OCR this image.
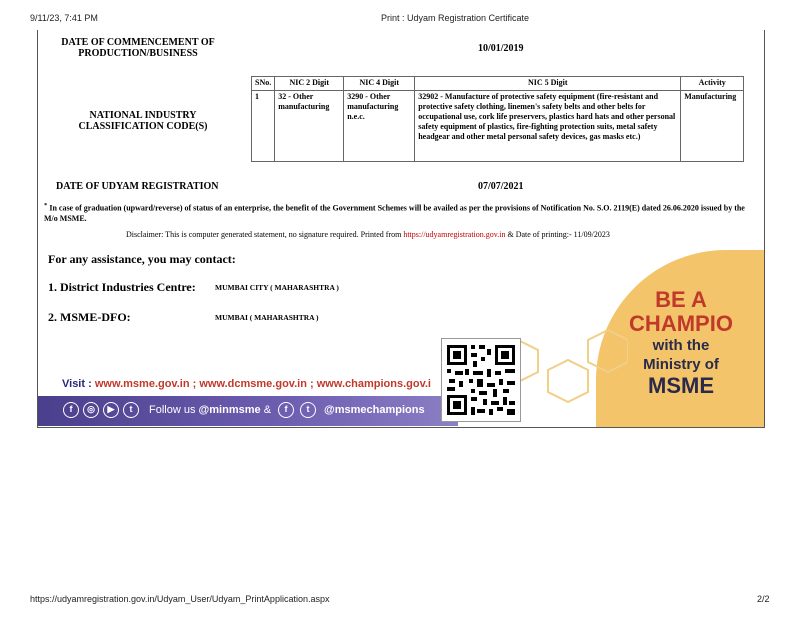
9/11/23, 7:41 PM	Print : Udyam Registration Certificate
DATE OF COMMENCEMENT OF
PRODUCTION/BUSINESS	10/01/2019
NATIONAL INDUSTRY
CLASSIFICATION CODE(S)
SNo.	NIC 2 Digit	NIC 4 Digit	NIC 5 Digit	Activity
1	32 - Other manufacturing	3290 - Other manufacturing n.e.c.	32902 - Manufacture of protective safety equipment (fire-resistant and protective safety clothing, linemen's safety belts and other belts for occupational use, cork life preservers, plastics hard hats and other personal safety equipment of plastics, fire-fighting protection suits, metal safety headgear and other metal personal safety devices, gas masks etc.)	Manufacturing
DATE OF UDYAM REGISTRATION	07/07/2021
* In case of graduation (upward/reverse) of status of an enterprise, the benefit of the Government Schemes will be availed as per the provisions of Notification No. S.O. 2119(E) dated 26.06.2020 issued by the M/o MSME.
Disclaimer: This is computer generated statement, no signature required. Printed from https://udyamregistration.gov.in & Date of printing:- 11/09/2023
For any assistance, you may contact:
1. District Industries Centre:	MUMBAI CITY ( MAHARASHTRA )
2. MSME-DFO:	MUMBAI ( MAHARASHTRA )
Visit : www.msme.gov.in ; www.dcmsme.gov.in ; www.champions.gov.i
f	◎	▶	t	Follow us @minmsme &	f	t	@msmechampions
BE A
CHAMPIO
with the
Ministry of
MSME
https://udyamregistration.gov.in/Udyam_User/Udyam_PrintApplication.aspx	2/2
